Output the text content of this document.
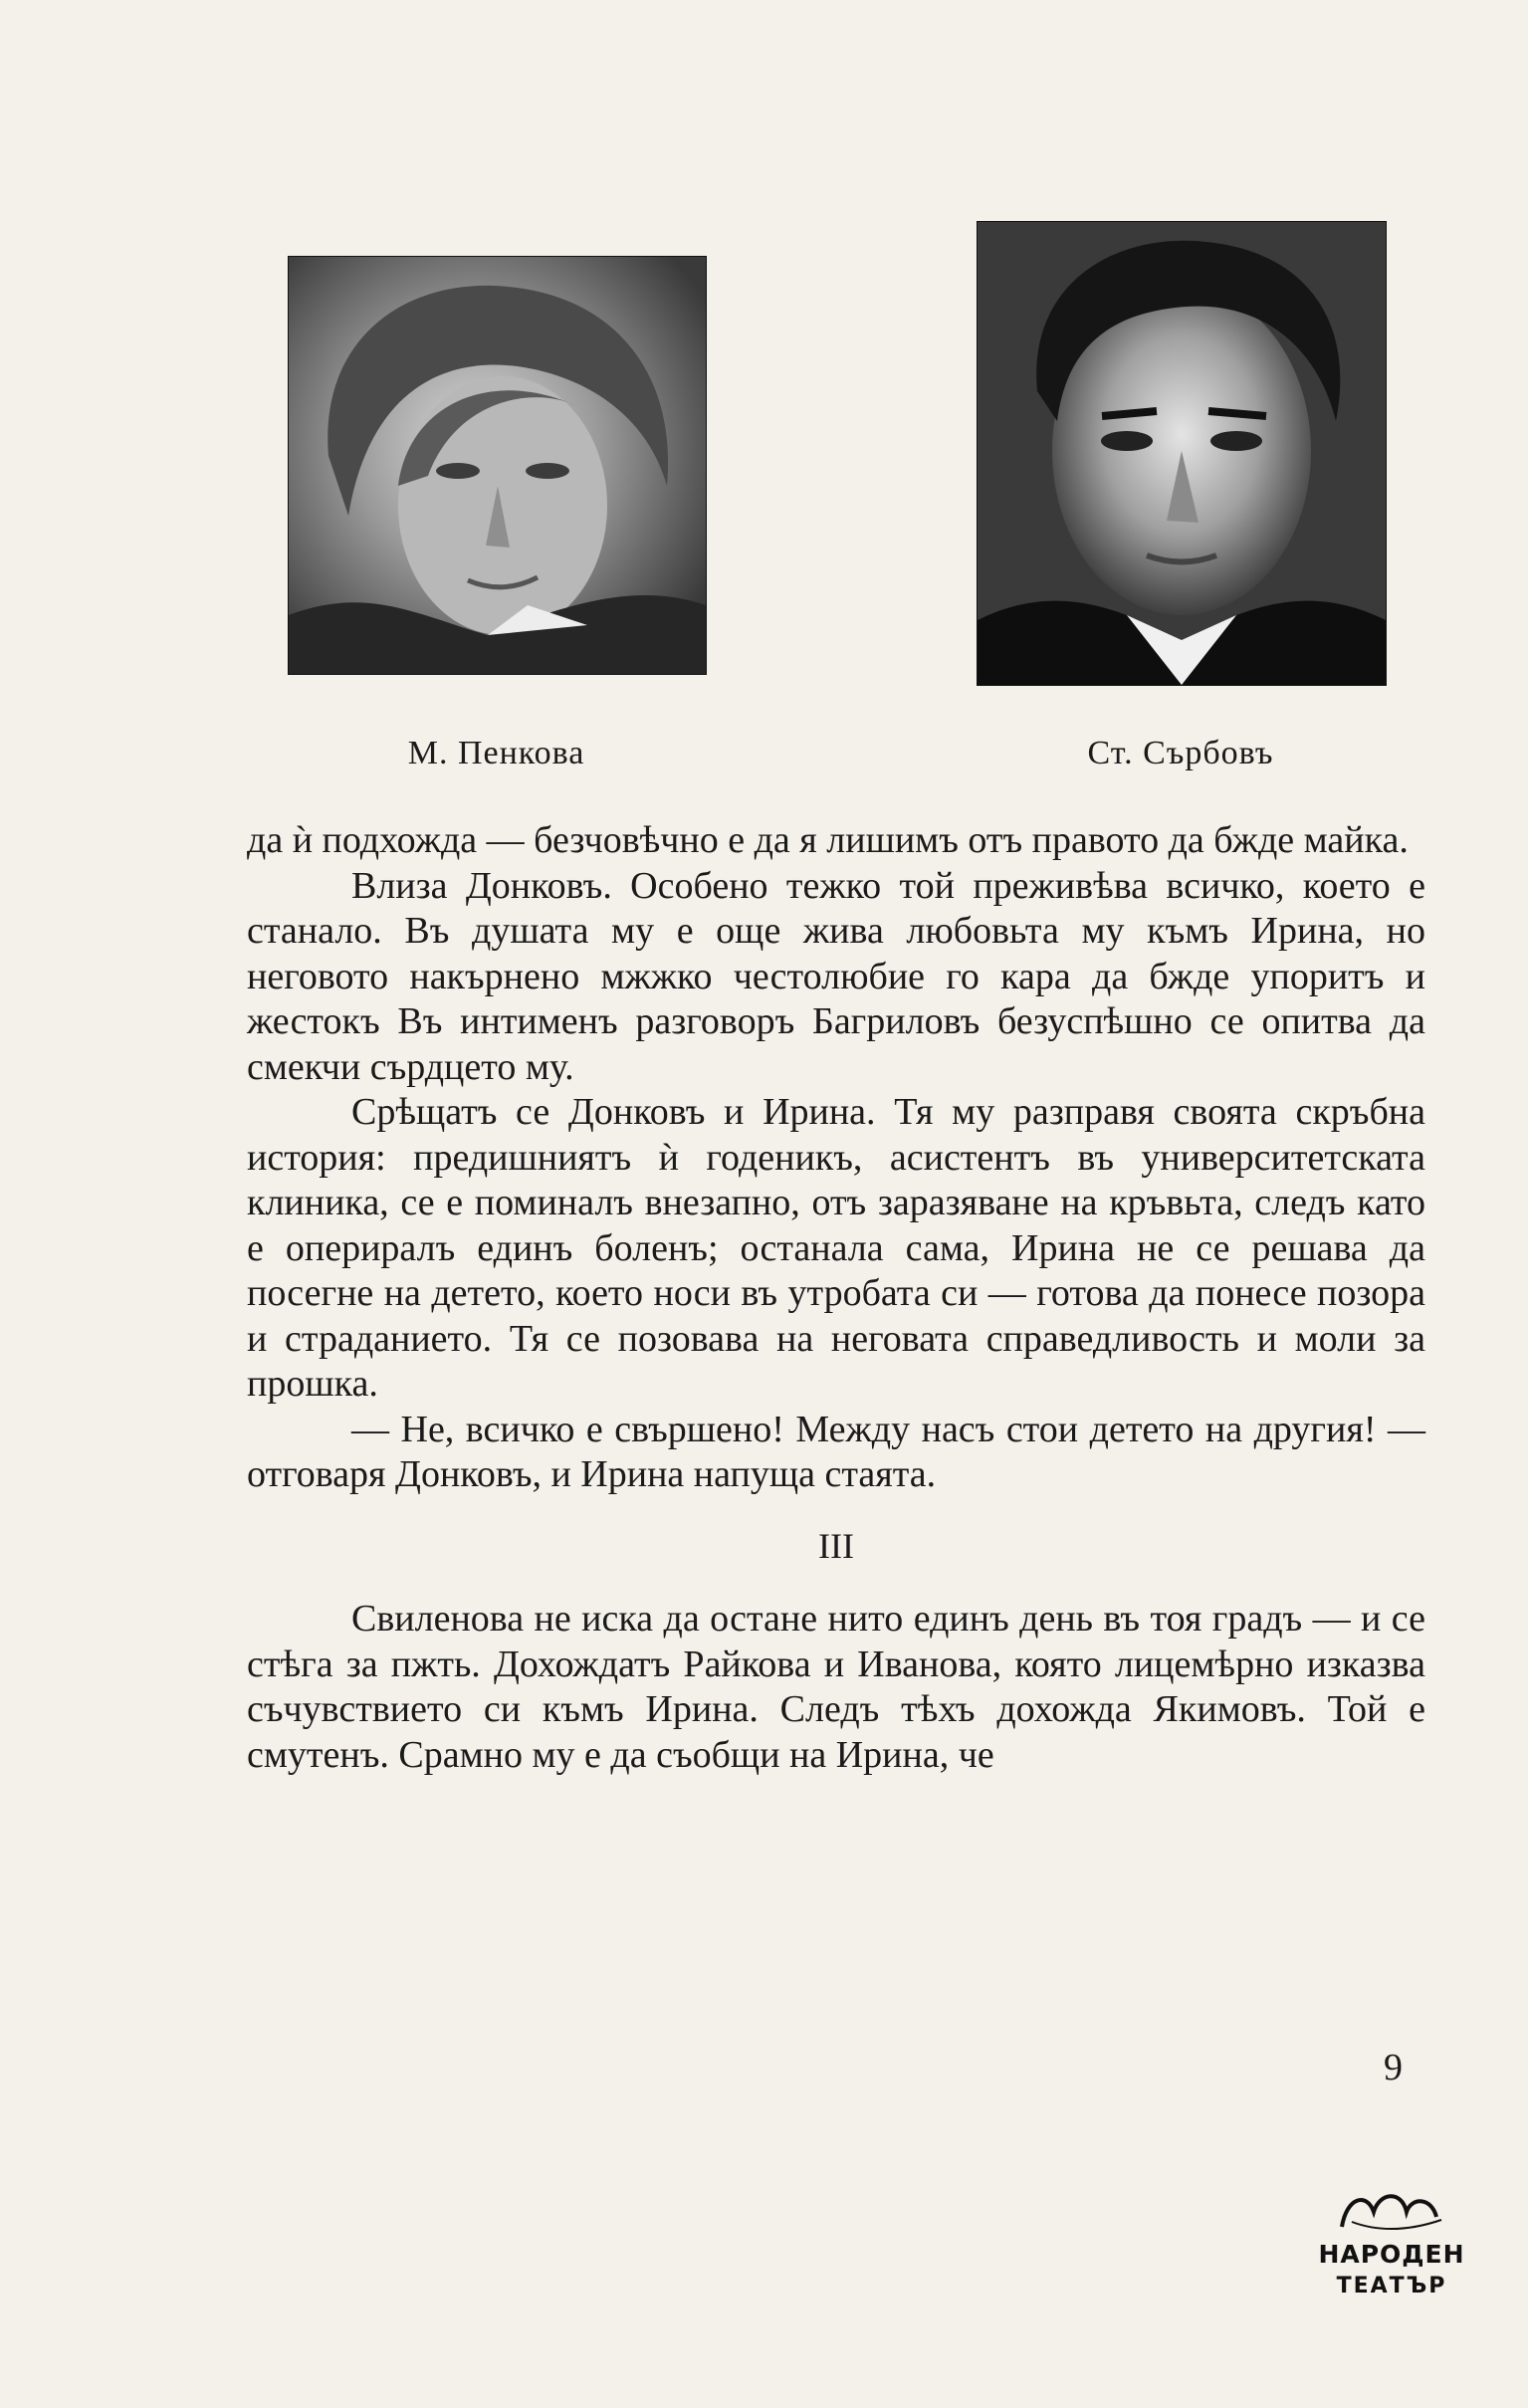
М. Пенкова	Ст. Сърбовъ

да ѝ подхожда — безчовѣчно е да я лишимъ отъ правото да бжде майка.

Влиза Донковъ. Особено тежко той преживѣва всичко, което е станало. Въ душата му е още жива любовьта му къмъ Ирина, но неговото накърнено мжжко честолюбие го кара да бжде упоритъ и жестокъ Въ интименъ разговоръ Багриловъ безуспѣшно се опитва да смекчи сърдцето му.

Срѣщатъ се Донковъ и Ирина. Тя му разправя своята скръбна история: предишниятъ ѝ годеникъ, асистентъ въ университетската клиника, се е поминалъ внезапно, отъ заразяване на кръвьта, следъ като е опериралъ единъ боленъ; останала сама, Ирина не се решава да посегне на детето, което носи въ утробата си — готова да понесе позора и страданието. Тя се позовава на неговата справедливость и моли за прошка.

— Не, всичко е свършено! Между насъ стои детето на другия! — отговаря Донковъ, и Ирина напуща стаята.

III

Свиленова не иска да остане нито единъ день въ тоя градъ — и се стѣга за пжть. Дохождатъ Райкова и Иванова, която лицемѣрно изказва съчувствието си къмъ Ирина. Следъ тѣхъ дохожда Якимовъ. Той е смутенъ. Срамно му е да съобщи на Ирина, че

9
НАРОДЕН
ТЕАТЪР
